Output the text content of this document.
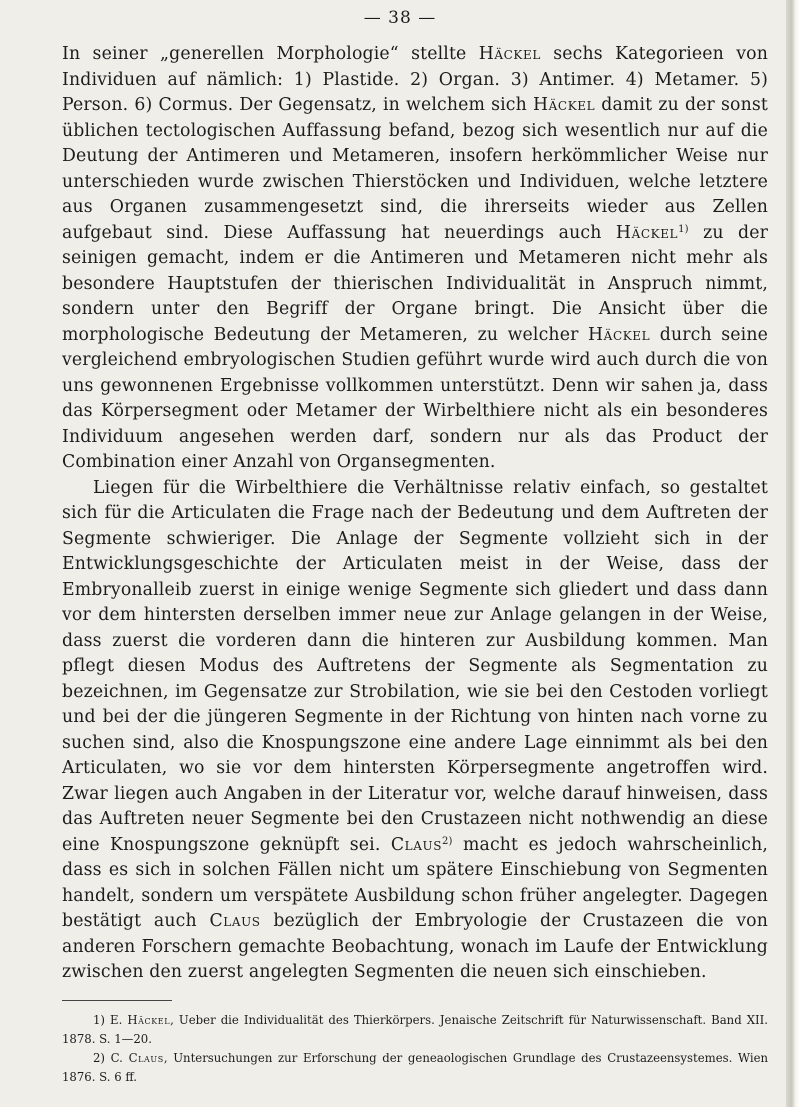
— 38 —

In seiner „generellen Morphologie“ stellte Häckel sechs Kategorieen von Individuen auf nämlich: 1) Plastide. 2) Organ. 3) Antimer. 4) Metamer. 5) Person. 6) Cormus. Der Gegensatz, in welchem sich Häckel damit zu der sonst üblichen tectologischen Auffassung befand, bezog sich wesentlich nur auf die Deutung der Antimeren und Metameren, insofern herkömmlicher Weise nur unterschieden wurde zwischen Thierstöcken und Individuen, welche letztere aus Organen zusammengesetzt sind, die ihrerseits wieder aus Zellen aufgebaut sind. Diese Auffassung hat neuerdings auch Häckel$^{1)}$ zu der seinigen gemacht, indem er die Antimeren und Metameren nicht mehr als besondere Hauptstufen der thierischen Individualität in Anspruch nimmt, sondern unter den Begriff der Organe bringt. Die Ansicht über die morphologische Bedeutung der Metameren, zu welcher Häckel durch seine vergleichend embryologischen Studien geführt wurde wird auch durch die von uns gewonnenen Ergebnisse vollkommen unterstützt. Denn wir sahen ja, dass das Körpersegment oder Metamer der Wirbelthiere nicht als ein besonderes Individuum angesehen werden darf, sondern nur als das Product der Combination einer Anzahl von Organsegmenten.

Liegen für die Wirbelthiere die Verhältnisse relativ einfach, so gestaltet sich für die Articulaten die Frage nach der Bedeutung und dem Auftreten der Segmente schwieriger. Die Anlage der Segmente vollzieht sich in der Entwicklungsgeschichte der Articulaten meist in der Weise, dass der Embryonalleib zuerst in einige wenige Segmente sich gliedert und dass dann vor dem hintersten derselben immer neue zur Anlage gelangen in der Weise, dass zuerst die vorderen dann die hinteren zur Ausbildung kommen. Man pflegt diesen Modus des Auftretens der Segmente als Segmentation zu bezeichnen, im Gegensatze zur Strobilation, wie sie bei den Cestoden vorliegt und bei der die jüngeren Segmente in der Richtung von hinten nach vorne zu suchen sind, also die Knospungszone eine andere Lage einnimmt als bei den Articulaten, wo sie vor dem hintersten Körpersegmente angetroffen wird. Zwar liegen auch Angaben in der Literatur vor, welche darauf hinweisen, dass das Auftreten neuer Segmente bei den Crustazeen nicht nothwendig an diese eine Knospungszone geknüpft sei. Claus$^{2)}$ macht es jedoch wahrscheinlich, dass es sich in solchen Fällen nicht um spätere Einschiebung von Segmenten handelt, sondern um verspätete Ausbildung schon früher angelegter. Dagegen bestätigt auch Claus bezüglich der Embryologie der Crustazeen die von anderen Forschern gemachte Beobachtung, wonach im Laufe der Entwicklung zwischen den zuerst angelegten Segmenten die neuen sich einschieben.

1) E. Häckel, Ueber die Individualität des Thierkörpers. Jenaische Zeitschrift für Naturwissenschaft. Band XII. 1878. S. 1—20.

2) C. Claus, Untersuchungen zur Erforschung der geneaologischen Grundlage des Crustazeensystemes. Wien 1876. S. 6 ff.
